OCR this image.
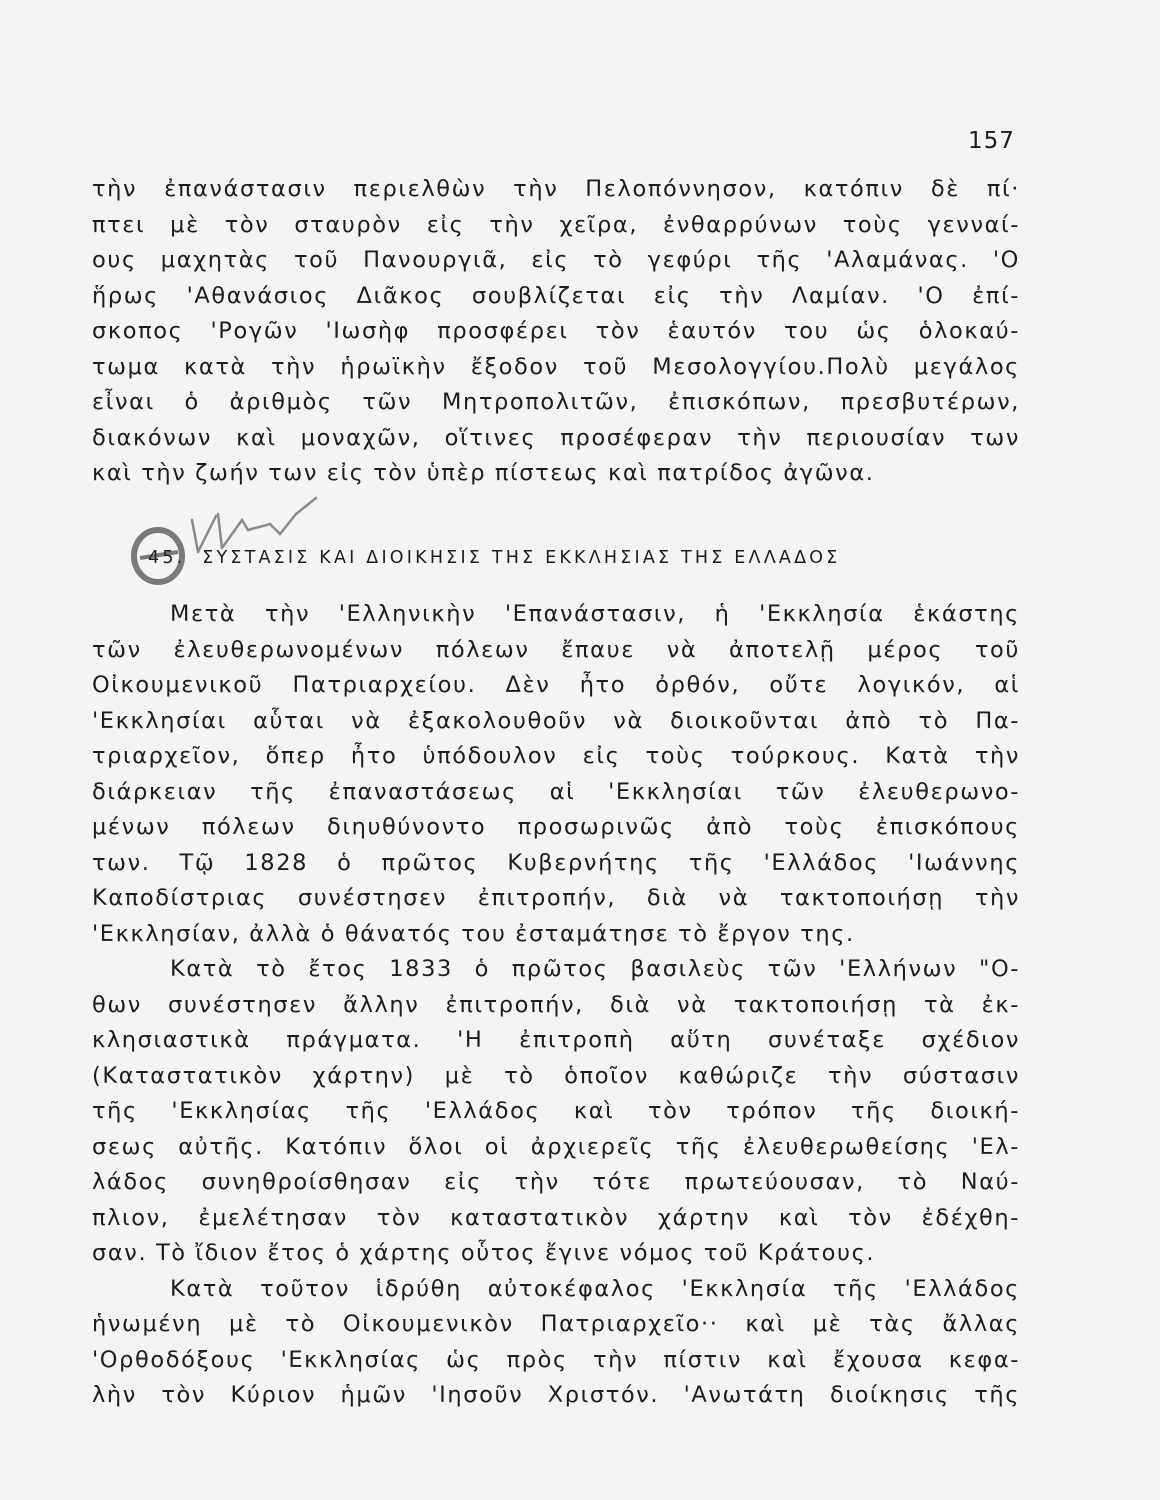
157
τὴν ἐπανάστασιν περιελθὼν τὴν Πελοπόννησον, κατόπιν δὲ πί·
πτει μὲ τὸν σταυρὸν εἰς τὴν χεῖρα, ἐνθαρρύνων τοὺς γενναί-
ους μαχητὰς τοῦ Πανουργιᾶ, εἰς τὸ γεφύρι τῆς 'Αλαμάνας. 'Ο
ἥρως 'Αθανάσιος Διᾶκος σουβλίζεται εἰς τὴν Λαμίαν. 'Ο ἐπί-
σκοπος 'Ρογῶν 'Ιωσὴφ προσφέρει τὸν ἑαυτόν του ὡς ὁλοκαύ-
τωμα κατὰ τὴν ἡρωϊκὴν ἔξοδον τοῦ Μεσολογγίου.Πολὺ μεγάλος
εἶναι ὁ ἀριθμὸς τῶν Μητροπολιτῶν, ἐπισκόπων, πρεσβυτέρων,
διακόνων καὶ μοναχῶν, οἵτινες προσέφεραν τὴν περιουσίαν των
καὶ τὴν ζωήν των εἰς τὸν ὑπὲρ πίστεως καὶ πατρίδος ἀγῶνα.
45. ΣΥΣΤΑΣΙΣ ΚΑΙ ΔΙΟΙΚΗΣΙΣ ΤΗΣ ΕΚΚΛΗΣΙΑΣ ΤΗΣ ΕΛΛΑΔΟΣ
Μετὰ τὴν 'Ελληνικὴν 'Επανάστασιν, ἡ 'Εκκλησία ἑκάστης
τῶν ἐλευθερωνομένων πόλεων ἔπαυε νὰ ἀποτελῇ μέρος τοῦ
Οἰκουμενικοῦ Πατριαρχείου. Δὲν ἦτο ὀρθόν, οὔτε λογικόν, αἱ
'Εκκλησίαι αὗται νὰ ἐξακολουθοῦν νὰ διοικοῦνται ἀπὸ τὸ Πα-
τριαρχεῖον, ὅπερ ἦτο ὑπόδουλον εἰς τοὺς τούρκους. Κατὰ τὴν
διάρκειαν τῆς ἐπαναστάσεως αἱ 'Εκκλησίαι τῶν ἐλευθερωνο-
μένων πόλεων διηυθύνοντο προσωρινῶς ἀπὸ τοὺς ἐπισκόπους
των. Τῷ 1828 ὁ πρῶτος Κυβερνήτης τῆς 'Ελλάδος 'Ιωάννης
Καποδίστριας συνέστησεν ἐπιτροπήν, διὰ νὰ τακτοποιήσῃ τὴν
'Εκκλησίαν, ἀλλὰ ὁ θάνατός του ἐσταμάτησε τὸ ἔργον της.
Κατὰ τὸ ἔτος 1833 ὁ πρῶτος βασιλεὺς τῶν 'Ελλήνων "Ο-
θων συνέστησεν ἄλλην ἐπιτροπήν, διὰ νὰ τακτοποιήσῃ τὰ ἐκ-
κλησιαστικὰ πράγματα. 'Η ἐπιτροπὴ αὕτη συνέταξε σχέδιον
(Καταστατικὸν χάρτην) μὲ τὸ ὁποῖον καθώριζε τὴν σύστασιν
τῆς 'Εκκλησίας τῆς 'Ελλάδος καὶ τὸν τρόπον τῆς διοική-
σεως αὐτῆς. Κατόπιν ὅλοι οἱ ἀρχιερεῖς τῆς ἐλευθερωθείσης 'Ελ-
λάδος συνηθροίσθησαν εἰς τὴν τότε πρωτεύουσαν, τὸ Ναύ-
πλιον, ἐμελέτησαν τὸν καταστατικὸν χάρτην καὶ τὸν ἐδέχθη-
σαν. Τὸ ἴδιον ἔτος ὁ χάρτης οὗτος ἔγινε νόμος τοῦ Κράτους.
Κατὰ τοῦτον ἱδρύθη αὐτοκέφαλος 'Εκκλησία τῆς 'Ελλάδος
ἡνωμένη μὲ τὸ Οἰκουμενικὸν Πατριαρχεῖο·· καὶ μὲ τὰς ἄλλας
'Ορθοδόξους 'Εκκλησίας ὡς πρὸς τὴν πίστιν καὶ ἔχουσα κεφα-
λὴν τὸν Κύριον ἡμῶν 'Ιησοῦν Χριστόν. 'Ανωτάτη διοίκησις τῆς
